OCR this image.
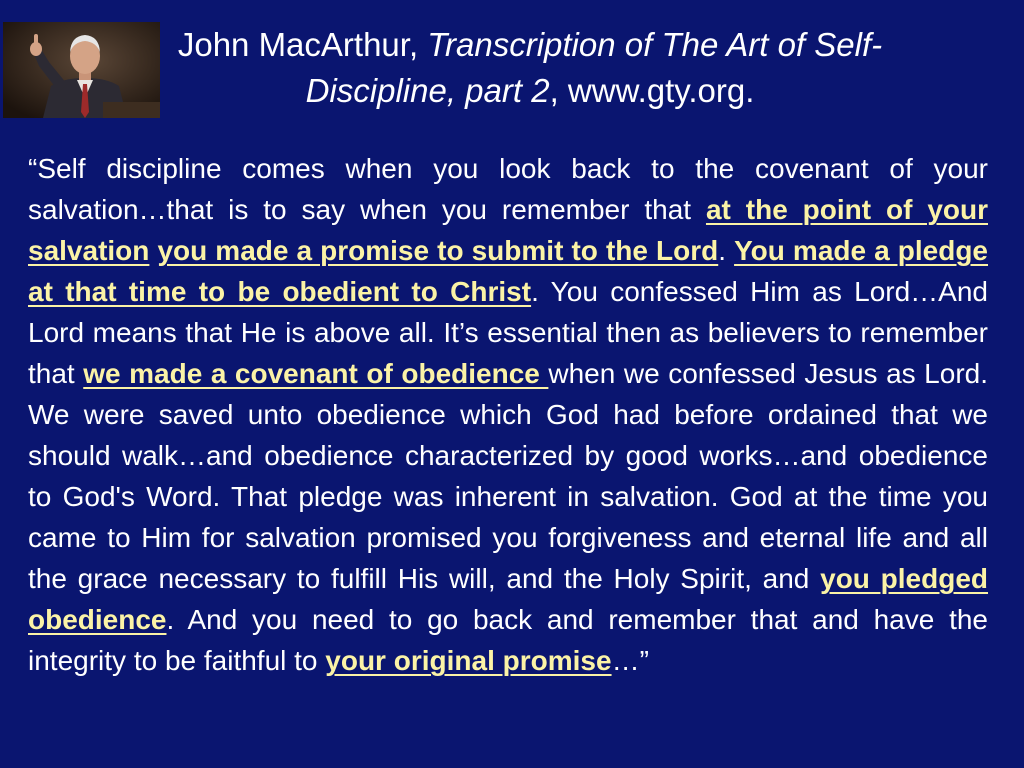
John MacArthur, Transcription of The Art of Self-Discipline, part 2, www.gty.org.

“Self discipline comes when you look back to the covenant of your salvation…that is to say when you remember that at the point of your salvation you made a promise to submit to the Lord. You made a pledge at that time to be obedient to Christ. You confessed Him as Lord…And Lord means that He is above all. It’s essential then as believers to remember that we made a covenant of obedience when we confessed Jesus as Lord. We were saved unto obedience which God had before ordained that we should walk…and obedience characterized by good works…and obedience to God's Word. That pledge was inherent in salvation. God at the time you came to Him for salvation promised you forgiveness and eternal life and all the grace necessary to fulfill His will, and the Holy Spirit, and you pledged obedience. And you need to go back and remember that and have the integrity to be faithful to your original promise…”
